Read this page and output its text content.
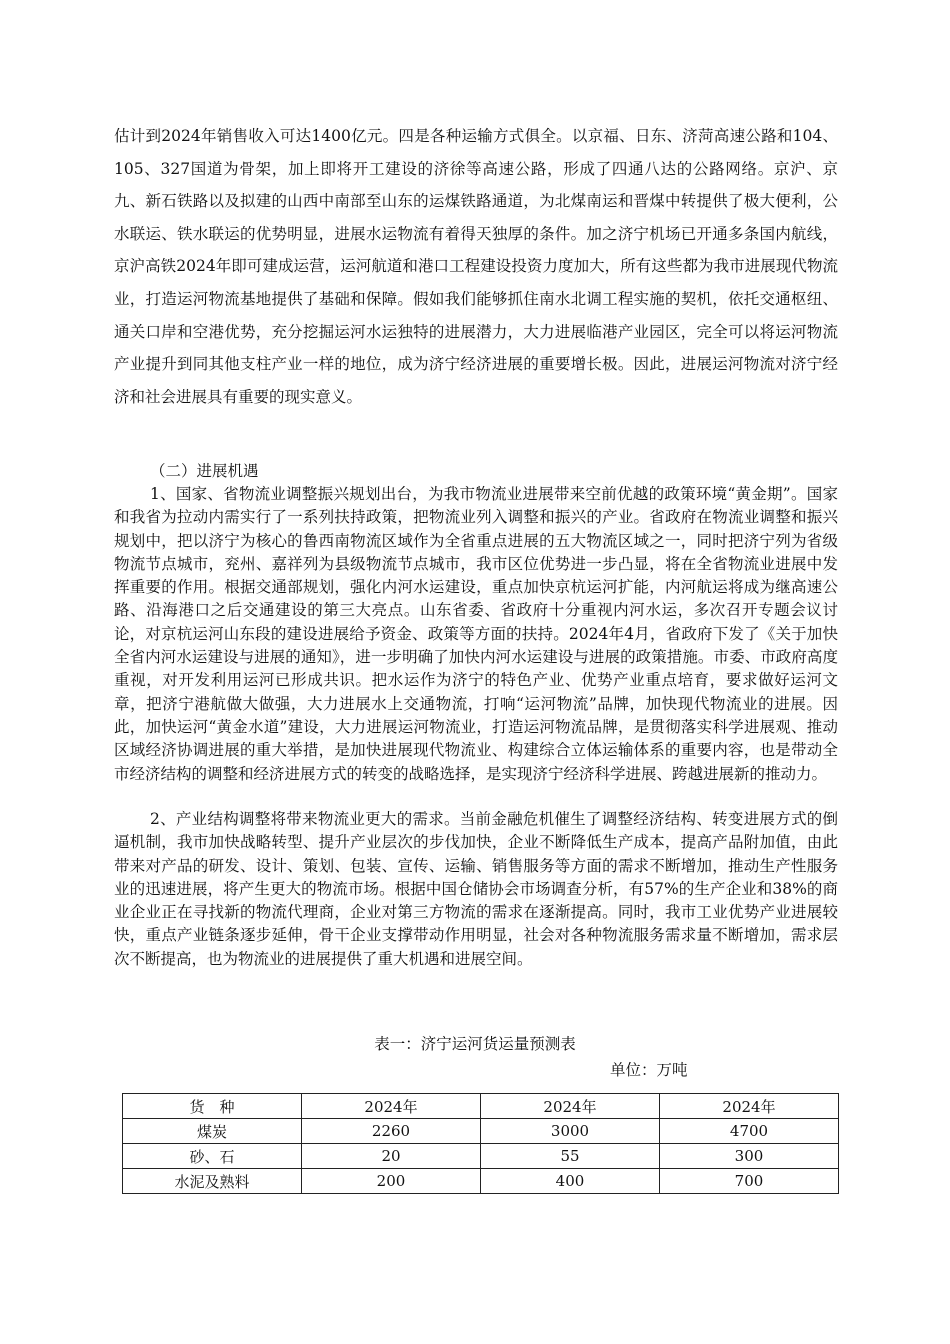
估计到2024年销售收入可达1400亿元。四是各种运输方式俱全。以京福、日东、济菏高速公路和104、105、327国道为骨架，加上即将开工建设的济徐等高速公路，形成了四通八达的公路网络。京沪、京九、新石铁路以及拟建的山西中南部至山东的运煤铁路通道，为北煤南运和晋煤中转提供了极大便利，公水联运、铁水联运的优势明显，进展水运物流有着得天独厚的条件。加之济宁机场已开通多条国内航线，京沪高铁2024年即可建成运营，运河航道和港口工程建设投资力度加大，所有这些都为我市进展现代物流业，打造运河物流基地提供了基础和保障。假如我们能够抓住南水北调工程实施的契机，依托交通枢纽、通关口岸和空港优势，充分挖掘运河水运独特的进展潜力，大力进展临港产业园区，完全可以将运河物流产业提升到同其他支柱产业一样的地位，成为济宁经济进展的重要增长极。因此，进展运河物流对济宁经济和社会进展具有重要的现实意义。

（二）进展机遇

1、国家、省物流业调整振兴规划出台，为我市物流业进展带来空前优越的政策环境“黄金期”。国家和我省为拉动内需实行了一系列扶持政策，把物流业列入调整和振兴的产业。省政府在物流业调整和振兴规划中，把以济宁为核心的鲁西南物流区域作为全省重点进展的五大物流区域之一，同时把济宁列为省级物流节点城市，兖州、嘉祥列为县级物流节点城市，我市区位优势进一步凸显，将在全省物流业进展中发挥重要的作用。根据交通部规划，强化内河水运建设，重点加快京杭运河扩能，内河航运将成为继高速公路、沿海港口之后交通建设的第三大亮点。山东省委、省政府十分重视内河水运，多次召开专题会议讨论，对京杭运河山东段的建设进展给予资金、政策等方面的扶持。2024年4月，省政府下发了《关于加快全省内河水运建设与进展的通知》，进一步明确了加快内河水运建设与进展的政策措施。市委、市政府高度重视，对开发利用运河已形成共识。把水运作为济宁的特色产业、优势产业重点培育，要求做好运河文章，把济宁港航做大做强，大力进展水上交通物流，打响“运河物流”品牌，加快现代物流业的进展。因此，加快运河“黄金水道”建设，大力进展运河物流业，打造运河物流品牌，是贯彻落实科学进展观、推动区域经济协调进展的重大举措，是加快进展现代物流业、构建综合立体运输体系的重要内容，也是带动全市经济结构的调整和经济进展方式的转变的战略选择，是实现济宁经济科学进展、跨越进展新的推动力。

2、产业结构调整将带来物流业更大的需求。当前金融危机催生了调整经济结构、转变进展方式的倒逼机制，我市加快战略转型、提升产业层次的步伐加快，企业不断降低生产成本，提高产品附加值，由此带来对产品的研发、设计、策划、包装、宣传、运输、销售服务等方面的需求不断增加，推动生产性服务业的迅速进展，将产生更大的物流市场。根据中国仓储协会市场调查分析，有57%的生产企业和38%的商业企业正在寻找新的物流代理商，企业对第三方物流的需求在逐渐提高。同时，我市工业优势产业进展较快，重点产业链条逐步延伸，骨干企业支撑带动作用明显，社会对各种物流服务需求量不断增加，需求层次不断提高，也为物流业的进展提供了重大机遇和进展空间。

表一：济宁运河货运量预测表

单位：万吨

货　种	2024年	2024年	2024年
煤炭	2260	3000	4700
砂、石	20	55	300
水泥及熟料	200	400	700
